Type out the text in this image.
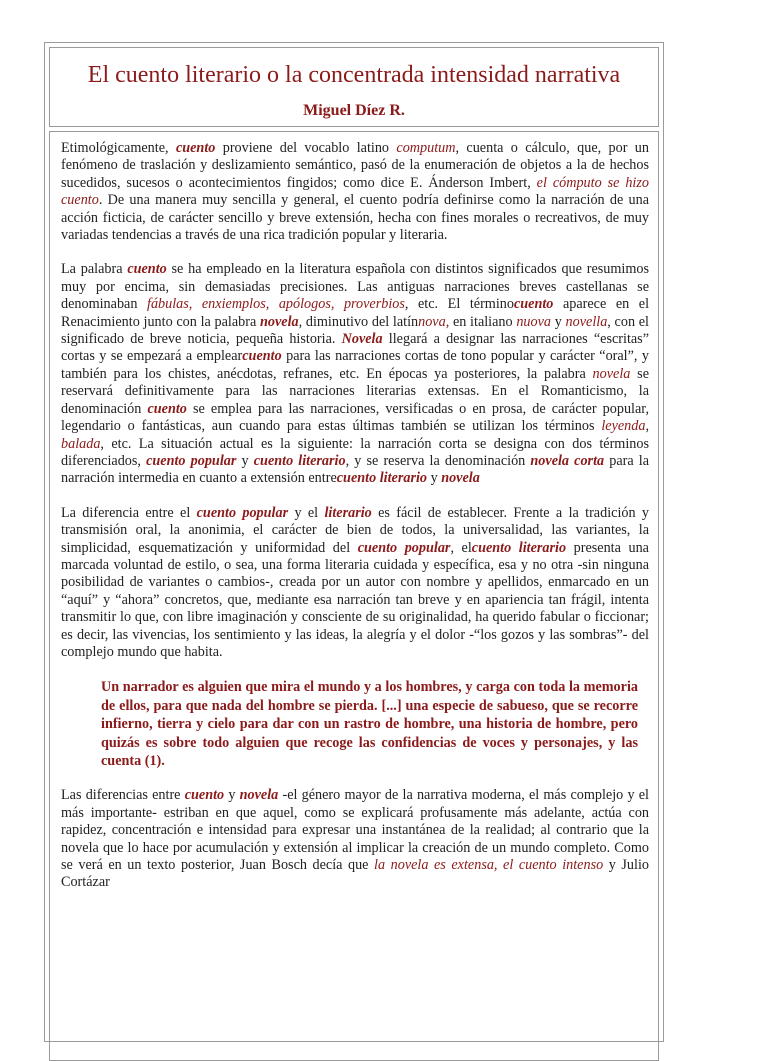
El cuento literario o la concentrada intensidad narrativa
Miguel Díez R.

Etimológicamente, cuento proviene del vocablo latino computum, cuenta o cálculo, que, por un fenómeno de traslación y deslizamiento semántico, pasó de la enumeración de objetos a la de hechos sucedidos, sucesos o acontecimientos fingidos; como dice E. Ánderson Imbert, el cómputo se hizo cuento. De una manera muy sencilla y general, el cuento podría definirse como la narración de una acción ficticia, de carácter sencillo y breve extensión, hecha con fines morales o recreativos, de muy variadas tendencias a través de una rica tradición popular y literaria.

La palabra cuento se ha empleado en la literatura española con distintos significados que resumimos muy por encima, sin demasiadas precisiones. Las antiguas narraciones breves castellanas se denominaban fábulas, enxiemplos, apólogos, proverbios, etc. El términocuento aparece en el Renacimiento junto con la palabra novela, diminutivo del latínnova, en italiano nuova y novella, con el significado de breve noticia, pequeña historia. Novela llegará a designar las narraciones “escritas” cortas y se empezará a emplearcuento para las narraciones cortas de tono popular y carácter “oral”, y también para los chistes, anécdotas, refranes, etc. En épocas ya posteriores, la palabra novela se reservará definitivamente para las narraciones literarias extensas. En el Romanticismo, la denominación cuento se emplea para las narraciones, versificadas o en prosa, de carácter popular, legendario o fantásticas, aun cuando para estas últimas también se utilizan los términos leyenda, balada, etc. La situación actual es la siguiente: la narración corta se designa con dos términos diferenciados, cuento popular y cuento literario, y se reserva la denominación novela corta para la narración intermedia en cuanto a extensión entrecuento literario y novela

La diferencia entre el cuento popular y el literario es fácil de establecer. Frente a la tradición y transmisión oral, la anonimia, el carácter de bien de todos, la universalidad, las variantes, la simplicidad, esquematización y uniformidad del cuento popular, elcuento literario presenta una marcada voluntad de estilo, o sea, una forma literaria cuidada y específica, esa y no otra -sin ninguna posibilidad de variantes o cambios-, creada por un autor con nombre y apellidos, enmarcado en un “aquí” y “ahora” concretos, que, mediante esa narración tan breve y en apariencia tan frágil, intenta transmitir lo que, con libre imaginación y consciente de su originalidad, ha querido fabular o ficcionar; es decir, las vivencias, los sentimiento y las ideas, la alegría y el dolor -“los gozos y las sombras”- del complejo mundo que habita.

Un narrador es alguien que mira el mundo y a los hombres, y carga con toda la memoria de ellos, para que nada del hombre se pierda. [...] una especie de sabueso, que se recorre infierno, tierra y cielo para dar con un rastro de hombre, una historia de hombre, pero quizás es sobre todo alguien que recoge las confidencias de voces y personajes, y las cuenta (1).

Las diferencias entre cuento y novela -el género mayor de la narrativa moderna, el más complejo y el más importante- estriban en que aquel, como se explicará profusamente más adelante, actúa con rapidez, concentración e intensidad para expresar una instantánea de la realidad; al contrario que la novela que lo hace por acumulación y extensión al implicar la creación de un mundo completo. Como se verá en un texto posterior, Juan Bosch decía que la novela es extensa, el cuento intenso y Julio Cortázar
